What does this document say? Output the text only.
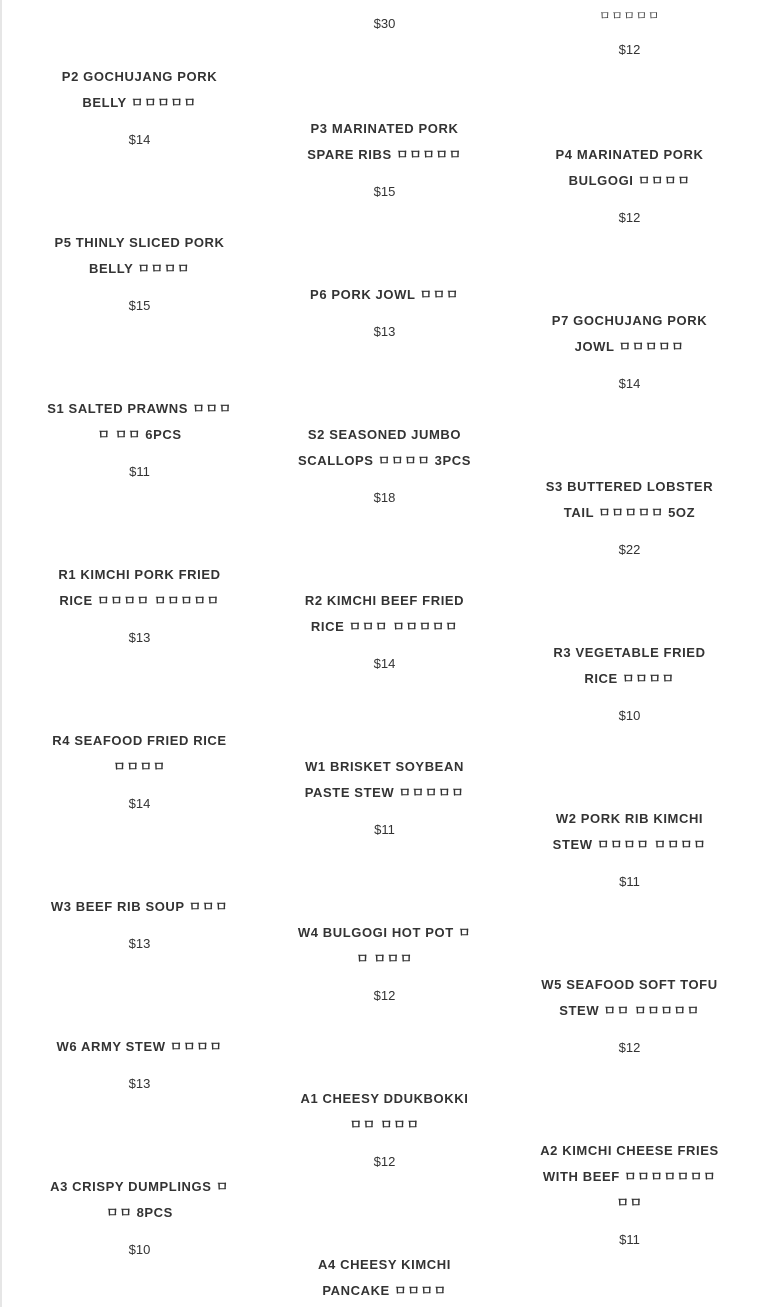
P2 GOCHUJANG PORK BELLY ㅁㅁㅁㅁㅁ
$14
P5 THINLY SLICED PORK BELLY ㅁㅁㅁㅁ
$15
S1 SALTED PRAWNS ㅁㅁㅁㅁ ㅁㅁ 6PCS
$11
R1 KIMCHI PORK FRIED RICE ㅁㅁㅁㅁ ㅁㅁㅁㅁㅁ
$13
R4 SEAFOOD FRIED RICE ㅁㅁㅁㅁ
$14
W3 BEEF RIB SOUP ㅁㅁㅁ
$13
W6 ARMY STEW ㅁㅁㅁㅁ
$13
A3 CRISPY DUMPLINGS ㅁ ㅁㅁ 8PCS
$10
$30
P3 MARINATED PORK SPARE RIBS ㅁㅁㅁㅁㅁ
$15
P6 PORK JOWL ㅁㅁㅁ
$13
S2 SEASONED JUMBO SCALLOPS ㅁㅁㅁㅁ 3PCS
$18
R2 KIMCHI BEEF FRIED RICE ㅁㅁㅁ ㅁㅁㅁㅁㅁ
$14
W1 BRISKET SOYBEAN PASTE STEW ㅁㅁㅁㅁㅁ
$11
W4 BULGOGI HOT POT ㅁㅁ ㅁㅁㅁ
$12
A1 CHEESY DDUKBOKKI ㅁㅁ ㅁㅁㅁ
$12
A4 CHEESY KIMCHI PANCAKE ㅁㅁㅁㅁ
ㅁㅁㅁㅁㅁ
$12
P4 MARINATED PORK BULGOGI ㅁㅁㅁㅁ
$12
P7 GOCHUJANG PORK JOWL ㅁㅁㅁㅁㅁ
$14
S3 BUTTERED LOBSTER TAIL ㅁㅁㅁㅁㅁ 5OZ
$22
R3 VEGETABLE FRIED RICE ㅁㅁㅁㅁ
$10
W2 PORK RIB KIMCHI STEW ㅁㅁㅁㅁ ㅁㅁㅁㅁ
$11
W5 SEAFOOD SOFT TOFU STEW ㅁㅁ ㅁㅁㅁㅁㅁ
$12
A2 KIMCHI CHEESE FRIES WITH BEEF ㅁㅁㅁㅁㅁㅁㅁㅁㅁ
$11
